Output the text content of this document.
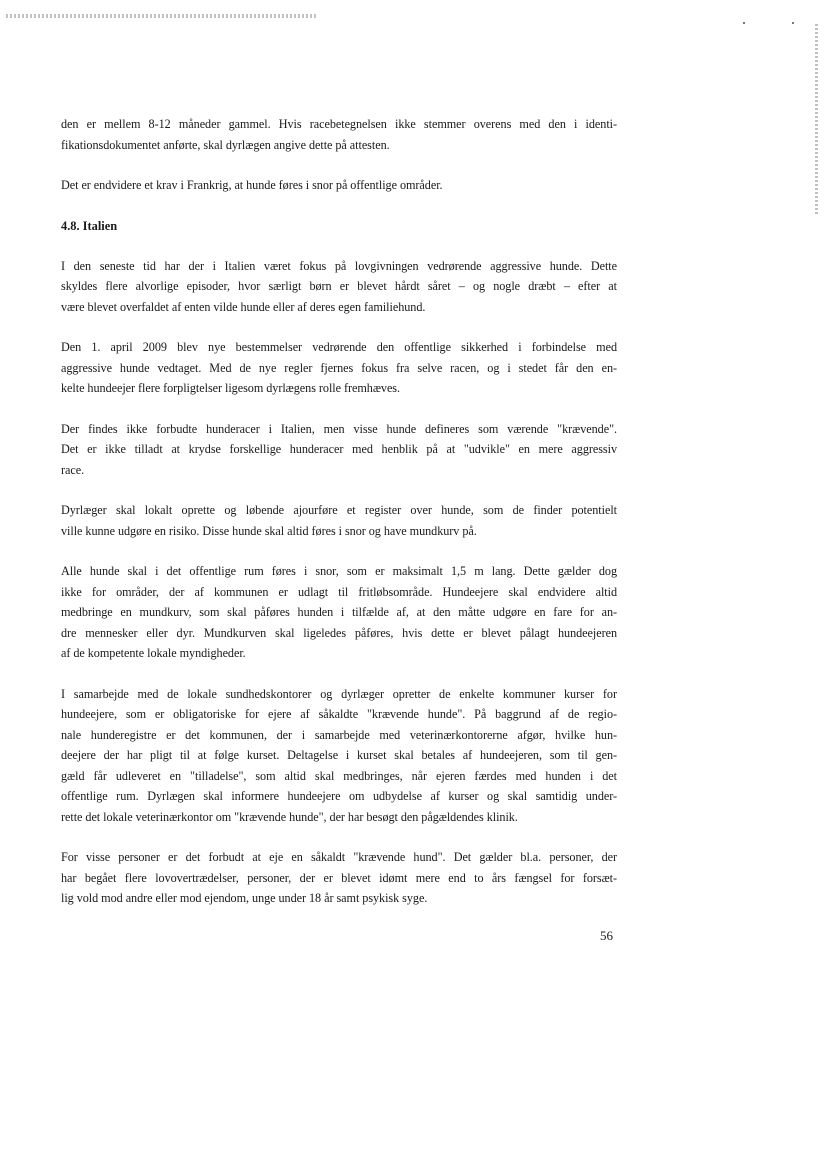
den er mellem 8-12 måneder gammel. Hvis racebetegnelsen ikke stemmer overens med den i identi-
fikationsdokumentet anførte, skal dyrlægen angive dette på attesten.

Det er endvidere et krav i Frankrig, at hunde føres i snor på offentlige områder.

4.8. Italien

I den seneste tid har der i Italien været fokus på lovgivningen vedrørende aggressive hunde. Dette
skyldes flere alvorlige episoder, hvor særligt børn er blevet hårdt såret – og nogle dræbt – efter at
være blevet overfaldet af enten vilde hunde eller af deres egen familiehund.

Den 1. april 2009 blev nye bestemmelser vedrørende den offentlige sikkerhed i forbindelse med
aggressive hunde vedtaget. Med de nye regler fjernes fokus fra selve racen, og i stedet får den en-
kelte hundeejer flere forpligtelser ligesom dyrlægens rolle fremhæves.

Der findes ikke forbudte hunderacer i Italien, men visse hunde defineres som værende "krævende".
Det er ikke tilladt at krydse forskellige hunderacer med henblik på at "udvikle" en mere aggressiv
race.

Dyrlæger skal lokalt oprette og løbende ajourføre et register over hunde, som de finder potentielt
ville kunne udgøre en risiko. Disse hunde skal altid føres i snor og have mundkurv på.

Alle hunde skal i det offentlige rum føres i snor, som er maksimalt 1,5 m lang. Dette gælder dog
ikke for områder, der af kommunen er udlagt til fritløbsområde. Hundeejere skal endvidere altid
medbringe en mundkurv, som skal påføres hunden i tilfælde af, at den måtte udgøre en fare for an-
dre mennesker eller dyr. Mundkurven skal ligeledes påføres, hvis dette er blevet pålagt hundeejeren
af de kompetente lokale myndigheder.

I samarbejde med de lokale sundhedskontorer og dyrlæger opretter de enkelte kommuner kurser for
hundeejere, som er obligatoriske for ejere af såkaldte "krævende hunde". På baggrund af de regio-
nale hunderegistre er det kommunen, der i samarbejde med veterinærkontorerne afgør, hvilke hun-
deejere der har pligt til at følge kurset. Deltagelse i kurset skal betales af hundeejeren, som til gen-
gæld får udleveret en "tilladelse", som altid skal medbringes, når ejeren færdes med hunden i det
offentlige rum. Dyrlægen skal informere hundeejere om udbydelse af kurser og skal samtidig under-
rette det lokale veterinærkontor om "krævende hunde", der har besøgt den pågældendes klinik.

For visse personer er det forbudt at eje en såkaldt "krævende hund". Det gælder bl.a. personer, der
har begået flere lovovertrædelser, personer, der er blevet idømt mere end to års fængsel for forsæt-
lig vold mod andre eller mod ejendom, unge under 18 år samt psykisk syge.

56
